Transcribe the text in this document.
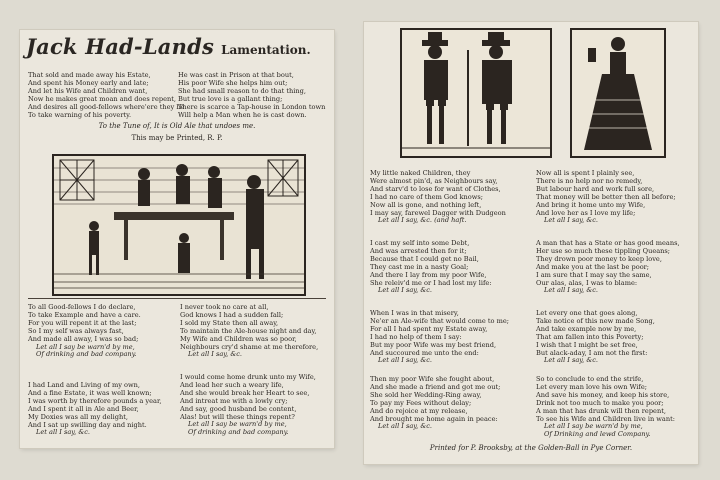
Jack Had-Lands Lamentation.
That sold and made away his Estate,
And spent his Money early and late;
And let his Wife and Children want,
Now he makes great moan and does repent,
And desires all good-fellows where'ere they be
To take warning of his poverty.
He was cast in Prison at that bout,
His poor Wife she helps him out;
She had small reason to do that thing,
But true love is a gallant thing;
There is scarce a Tap-house in London town
Will help a Man when he is cast down.
To the Tune of, It is Old Ale that undoes me.
This may be Printed, R. P.
To all Good-fellows I do declare,
To take Example and have a care.
For you will repent it at the last;
So I my self was always fast,
And made all away, I was so bad;
Let all I say be warn'd by me,
Of drinking and bad company.
I never took no care at all,
God knows I had a sudden fall;
I sold my State then all away,
To maintain the Ale-house night and day,
My Wife and Children was so poor,
Neighbours cry'd shame at me therefore,
Let all I say, &c.
I had Land and Living of my own,
And a fine Estate, it was well known;
I was worth by therefore pounds a year,
And I spent it all in Ale and Beer,
My Doxies was all my delight,
And I sat up swilling day and night.
Let all I say, &c.
I would come home drunk unto my Wife,
And lead her such a weary life,
And she would break her Heart to see,
And intreat me with a lowly cry;
And say, good husband be content,
Alas! but will these things repent?
Let all I say be warn'd by me,
Of drinking and bad company.
My little naked Children, they
Were almost pin'd, as Neighbours say,
And starv'd to lose for want of Clothes,
I had no care of them God knows;
Now all is gone, and nothing left,
I may say, farewel Dagger with Dudgeon
Let all I say, &c. (and haft.
Now all is spent I plainly see,
There is no help nor no remedy,
But labour hard and work full sore,
That money will be better then all before;
And bring it home unto my Wife,
And love her as I love my life;
Let all I say, &c.
I cast my self into some Debt,
And was arrested then for it;
Because that I could get no Bail,
They cast me in a nasty Goal;
And there I lay from my poor Wife,
She releiv'd me or I had lost my life:
Let all I say, &c.
A man that has a State or has good means,
Her use so much these tippling Queans;
They drown poor money to keep love,
And make you at the last be poor;
I am sure that I may say the same,
Our alas, alas, I was to blame:
Let all I say, &c.
When I was in that misery,
Ne'er an Ale-wife that would come to me;
For all I had spent my Estate away,
I had no help of them I say:
But my poor Wife was my best friend,
And succoured me unto the end:
Let all I say, &c.
Let every one that goes along,
Take notice of this new made Song,
And take example now by me,
That am fallen into this Poverty;
I wish that I might be set free,
But alack-aday, I am not the first:
Let all I say, &c.
Then my poor Wife she fought about,
And she made a friend and got me out;
She sold her Wedding-Ring away,
To pay my Fees without delay;
And do rejoice at my release,
And brought me home again in peace:
Let all I say, &c.
So to conclude to end the strife,
Let every man love his own Wife;
And save his money, and keep his store,
Drink not too much to make you poor;
A man that has drunk will then repent,
To see his Wife and Children live in want:
Let all I say be warn'd by me,
Of Drinking and lewd Company.
Printed for P. Brooksby, at the Golden-Ball in Pye Corner.
